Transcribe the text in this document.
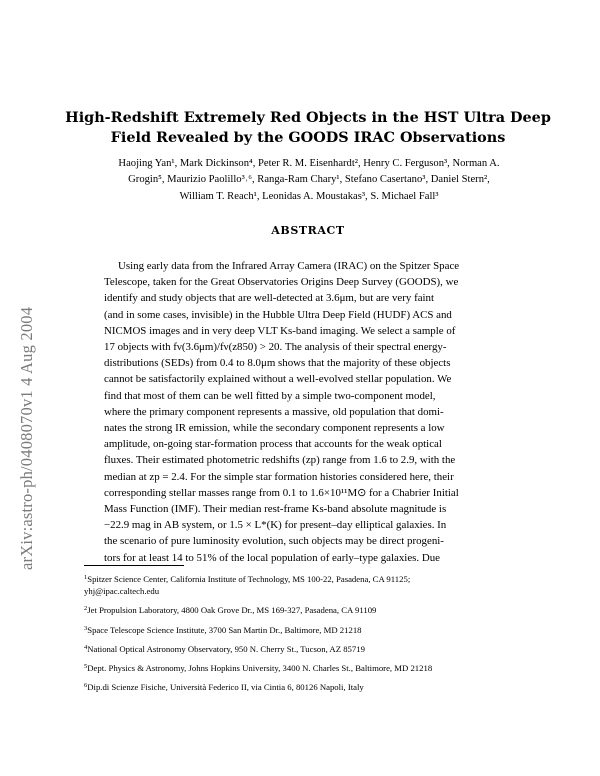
arXiv:astro-ph/0408070v1 4 Aug 2004
High-Redshift Extremely Red Objects in the HST Ultra Deep
Field Revealed by the GOODS IRAC Observations
Haojing Yan¹, Mark Dickinson⁴, Peter R. M. Eisenhardt², Henry C. Ferguson³, Norman A.
Grogin⁵, Maurizio Paolillo³˒⁶, Ranga-Ram Chary¹, Stefano Casertano³, Daniel Stern²,
William T. Reach¹, Leonidas A. Moustakas³, S. Michael Fall³
ABSTRACT
Using early data from the Infrared Array Camera (IRAC) on the Spitzer Space
Telescope, taken for the Great Observatories Origins Deep Survey (GOODS), we
identify and study objects that are well-detected at 3.6μm, but are very faint
(and in some cases, invisible) in the Hubble Ultra Deep Field (HUDF) ACS and
NICMOS images and in very deep VLT Ks-band imaging. We select a sample of
17 objects with fν(3.6μm)/fν(z850) > 20. The analysis of their spectral energy-
distributions (SEDs) from 0.4 to 8.0μm shows that the majority of these objects
cannot be satisfactorily explained without a well-evolved stellar population. We
find that most of them can be well fitted by a simple two-component model,
where the primary component represents a massive, old population that domi-
nates the strong IR emission, while the secondary component represents a low
amplitude, on-going star-formation process that accounts for the weak optical
fluxes. Their estimated photometric redshifts (zp) range from 1.6 to 2.9, with the
median at zp = 2.4. For the simple star formation histories considered here, their
corresponding stellar masses range from 0.1 to 1.6×10¹¹M⊙ for a Chabrier Initial
Mass Function (IMF). Their median rest-frame Ks-band absolute magnitude is
−22.9 mag in AB system, or 1.5 × L*(K) for present–day elliptical galaxies. In
the scenario of pure luminosity evolution, such objects may be direct progeni-
tors for at least 14 to 51% of the local population of early–type galaxies. Due
$^1$Spitzer Science Center, California Institute of Technology, MS 100-22, Pasadena, CA 91125;
yhj@ipac.caltech.edu
$^2$Jet Propulsion Laboratory, 4800 Oak Grove Dr., MS 169-327, Pasadena, CA 91109
$^3$Space Telescope Science Institute, 3700 San Martin Dr., Baltimore, MD 21218
$^4$National Optical Astronomy Observatory, 950 N. Cherry St., Tucson, AZ 85719
$^5$Dept. Physics & Astronomy, Johns Hopkins University, 3400 N. Charles St., Baltimore, MD 21218
$^6$Dip.di Scienze Fisiche, Università Federico II, via Cintia 6, 80126 Napoli, Italy
